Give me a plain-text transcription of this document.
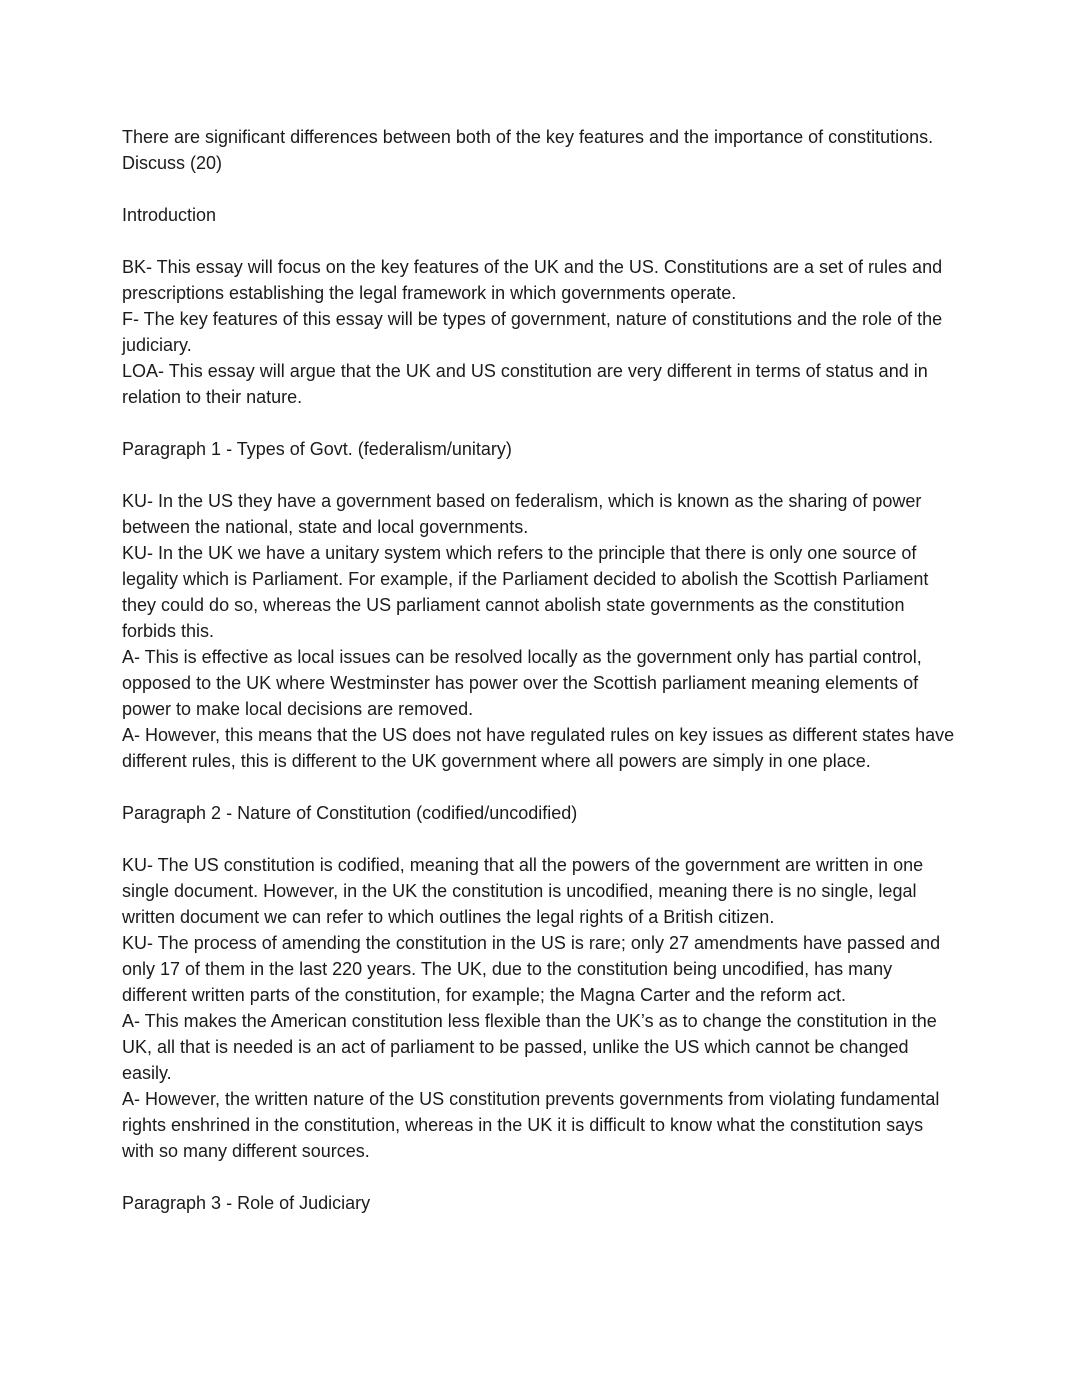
There are significant differences between both of the key features and the importance of constitutions. Discuss (20)

Introduction

BK- This essay will focus on the key features of the UK and the US. Constitutions are a set of rules and prescriptions establishing the legal framework in which governments operate.
F- The key features of this essay will be types of government, nature of constitutions and the role of the judiciary.
LOA- This essay will argue that the UK and US constitution are very different in terms of status and in relation to their nature.

Paragraph 1 - Types of Govt. (federalism/unitary)

KU- In the US they have a government based on federalism, which is known as the sharing of power between the national, state and local governments.
KU- In the UK we have a unitary system which refers to the principle that there is only one source of legality which is Parliament. For example, if the Parliament decided to abolish the Scottish Parliament they could do so, whereas the US parliament cannot abolish state governments as the constitution forbids this.
A- This is effective as local issues can be resolved locally as the government only has partial control, opposed to the UK where Westminster has power over the Scottish parliament meaning elements of power to make local decisions are removed.
A- However, this means that the US does not have regulated rules on key issues as different states have different rules, this is different to the UK government where all powers are simply in one place.

Paragraph 2 - Nature of Constitution (codified/uncodified)

KU- The US constitution is codified, meaning that all the powers of the government are written in one single document. However, in the UK the constitution is uncodified, meaning there is no single, legal written document we can refer to which outlines the legal rights of a British citizen.
KU- The process of amending the constitution in the US is rare; only 27 amendments have passed and only 17 of them in the last 220 years. The UK, due to the constitution being uncodified, has many different written parts of the constitution, for example; the Magna Carter and the reform act.
A- This makes the American constitution less flexible than the UK’s as to change the constitution in the UK, all that is needed is an act of parliament to be passed, unlike the US which cannot be changed easily.
A- However, the written nature of the US constitution prevents governments from violating fundamental rights enshrined in the constitution, whereas in the UK it is difficult to know what the constitution says with so many different sources.

Paragraph 3 - Role of Judiciary
